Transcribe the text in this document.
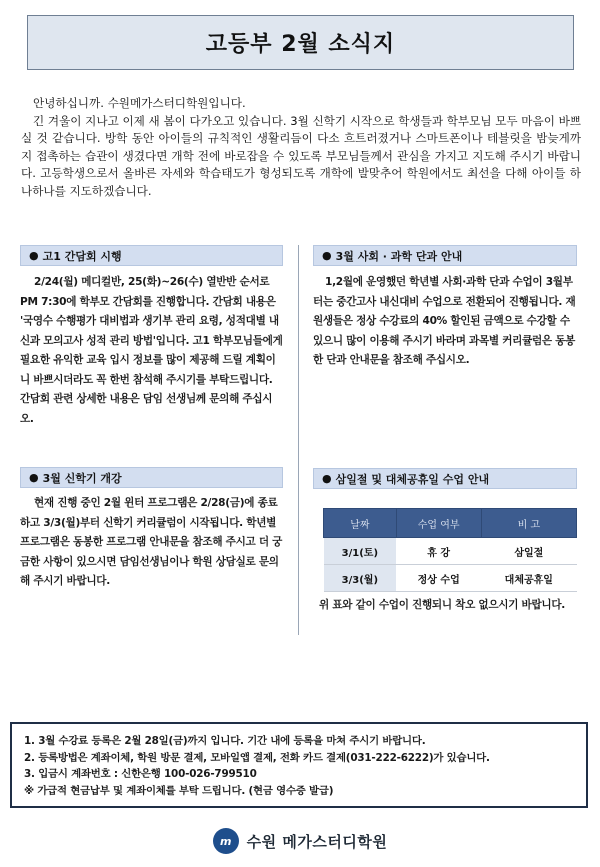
고등부 2월 소식지

안녕하십니까. 수원메가스터디학원입니다.

긴 겨울이 지나고 이제 새 봄이 다가오고 있습니다. 3월 신학기 시작으로 학생들과 학부모님 모두 마음이 바쁘실 것 같습니다. 방학 동안 아이들의 규칙적인 생활리듬이 다소 흐트러졌거나 스마트폰이나 테블릿을 밤늦게까지 접촉하는 습관이 생겼다면 개학 전에 바로잡을 수 있도록 부모님들께서 관심을 가지고 지도해 주시기 바랍니다. 고등학생으로서 올바른 자세와 학습태도가 형성되도록 개학에 발맞추어 학원에서도 최선을 다해 아이들 하나하나를 지도하겠습니다.

● 고1 간담회 시행

2/24(월) 메디컬반, 25(화)~26(수) 열반반 순서로 PM 7:30에 학부모 간담회를 진행합니다. 간담회 내용은 '국영수 수행평가 대비법과 생기부 관리 요령, 성적대별 내신과 모의고사 성적 관리 방법'입니다. 고1 학부모님들에게 필요한 유익한 교육 입시 정보를 많이 제공해 드릴 계획이니 바쁘시더라도 꼭 한번 참석해 주시기를 부탁드립니다. 간담회 관련 상세한 내용은 담임 선생님께 문의해 주십시오.

● 3월 사회 · 과학 단과 안내

1,2월에 운영했던 학년별 사회·과학 단과 수업이 3월부터는 중간고사 내신대비 수업으로 전환되어 진행됩니다. 재원생들은 정상 수강료의 40% 할인된 금액으로 수강할 수 있으니 많이 이용해 주시기 바라며 과목별 커리큘럼은 동봉한 단과 안내문을 참조해 주십시오.

● 3월 신학기 개강

현재 진행 중인 2월 윈터 프로그램은 2/28(금)에 종료하고 3/3(월)부터 신학기 커리큘럼이 시작됩니다. 학년별 프로그램은 동봉한 프로그램 안내문을 참조해 주시고 더 궁금한 사항이 있으시면 담임선생님이나 학원 상담실로 문의해 주시기 바랍니다.

● 삼일절 및 대체공휴일 수업 안내
날짜	수업 여부	비 고
3/1(토)	휴 강	삼일절
3/3(월)	정상 수업	대체공휴일

위 표와 같이 수업이 진행되니 착오 없으시기 바랍니다.

1. 3월 수강료 등록은 2월 28일(금)까지 입니다. 기간 내에 등록을 마쳐 주시기 바랍니다.

2. 등록방법은 계좌이체, 학원 방문 결제, 모바일앱 결제, 전화 카드 결제(031-222-6222)가 있습니다.

3. 입금시 계좌번호 : 신한은행 100-026-799510

※ 가급적 현금납부 및 계좌이체를 부탁 드립니다. (현금 영수증 발급)

m 수원 메가스터디학원
